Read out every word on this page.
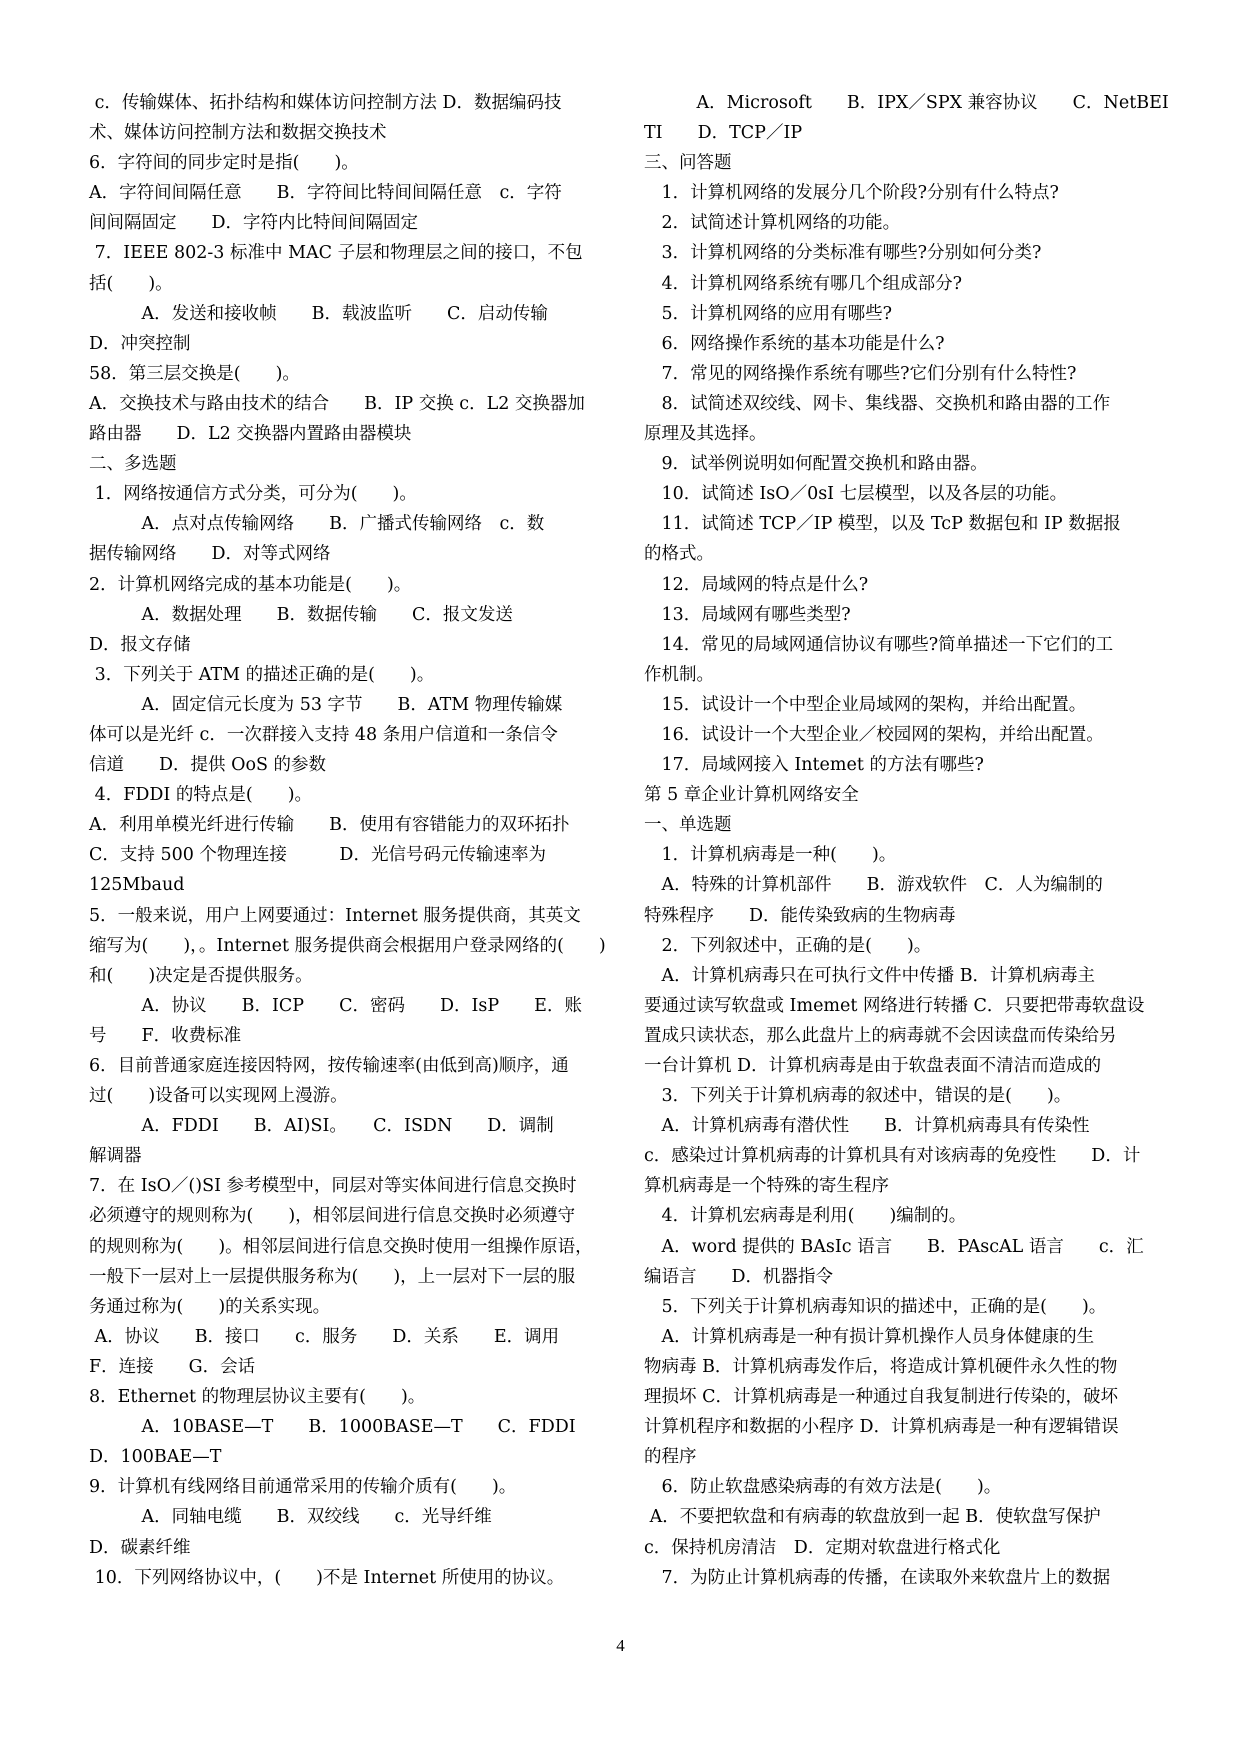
c．传输媒体、拓扑结构和媒体访问控制方法 D．数据编码技
术、媒体访问控制方法和数据交换技术
6．字符间的同步定时是指(　　)。
A．字符间间隔任意　　B．字符间比特间间隔任意　c．字符
间间隔固定　　D．字符内比特间间隔固定
7．IEEE 802-3 标准中 MAC 子层和物理层之间的接口，不包
括(　　)。
　　　A．发送和接收帧　　B．载波监听　　C．启动传输
D．冲突控制
58．第三层交换是(　　)。
A．交换技术与路由技术的结合　　B．IP 交换 c．L2 交换器加
路由器　　D．L2 交换器内置路由器模块
二、多选题
1．网络按通信方式分类，可分为(　　)。
　　　A．点对点传输网络　　B．广播式传输网络　c．数
据传输网络　　D．对等式网络
2．计算机网络完成的基本功能是(　　)。
　　　A．数据处理　　B．数据传输　　C．报文发送
D．报文存储
3．下列关于 ATM 的描述正确的是(　　)。
　　　A．固定信元长度为 53 字节　　B．ATM 物理传输媒
体可以是光纤 c．一次群接入支持 48 条用户信道和一条信令
信道　　D．提供 OoS 的参数
4．FDDI 的特点是(　　)。
A．利用单模光纤进行传输　　B．使用有容错能力的双环拓扑
C．支持 500 个物理连接　　　D．光信号码元传输速率为
125Mbaud
5．一般来说，用户上网要通过：Internet 服务提供商，其英文
缩写为(　　)，。Internet 服务提供商会根据用户登录网络的(　　)
和(　　)决定是否提供服务。
　　　A．协议　　B．ICP　　C．密码　　D．IsP　　E．账
号　　F．收费标准
6．目前普通家庭连接因特网，按传输速率(由低到高)顺序，通
过(　　)设备可以实现网上漫游。
　　　A．FDDI　　B．AI)SI。　　C．ISDN　　D．调制
解调器
7．在 IsO／()SI 参考模型中，同层对等实体间进行信息交换时
必须遵守的规则称为(　　)，相邻层间进行信息交换时必须遵守
的规则称为(　　)。相邻层间进行信息交换时使用一组操作原语，
一般下一层对上一层提供服务称为(　　)，上一层对下一层的服
务通过称为(　　)的关系实现。
A．协议　　B．接口　　c．服务　　D．关系　　E．调用
F．连接　　G．会话
8．Ethernet 的物理层协议主要有(　　)。
　　　A．10BASE—T　　B．1000BASE—T　　C．FDDI
D．100BAE—T
9．计算机有线网络目前通常采用的传输介质有(　　)。
　　　A．同轴电缆　　B．双绞线　　c．光导纤维
D．碳素纤维
10．下列网络协议中，(　　)不是 Internet 所使用的协议。
　　　A．Microsoft　　B．IPX／SPX 兼容协议　　C．NetBEI
TI　　D．TCP／IP
三、问答题
　1．计算机网络的发展分几个阶段?分别有什么特点?
　2．试简述计算机网络的功能。
　3．计算机网络的分类标准有哪些?分别如何分类?
　4．计算机网络系统有哪几个组成部分?
　5．计算机网络的应用有哪些?
　6．网络操作系统的基本功能是什么?
　7．常见的网络操作系统有哪些?它们分别有什么特性?
　8．试简述双绞线、网卡、集线器、交换机和路由器的工作
原理及其选择。
　9．试举例说明如何配置交换机和路由器。
　10．试简述 IsO／0sI 七层模型，以及各层的功能。
　11．试简述 TCP／IP 模型，以及 TcP 数据包和 IP 数据报
的格式。
　12．局域网的特点是什么?
　13．局域网有哪些类型?
　14．常见的局域网通信协议有哪些?简单描述一下它们的工
作机制。
　15．试设计一个中型企业局域网的架构，并给出配置。
　16．试设计一个大型企业／校园网的架构，并给出配置。
　17．局域网接入 Intemet 的方法有哪些?
第 5 章企业计算机网络安全
一、单选题
　1．计算机病毒是一种(　　)。
　A．特殊的计算机部件　　B．游戏软件　C．人为编制的
特殊程序　　D．能传染致病的生物病毒
　2．下列叙述中，正确的是(　　)。
　A．计算机病毒只在可执行文件中传播 B．计算机病毒主
要通过读写软盘或 Imemet 网络进行转播 C．只要把带毒软盘设
置成只读状态，那么此盘片上的病毒就不会因读盘而传染给另
一台计算机 D．计算机病毒是由于软盘表面不清洁而造成的
　3．下列关于计算机病毒的叙述中，错误的是(　　)。
　A．计算机病毒有潜伏性　　B．计算机病毒具有传染性
c．感染过计算机病毒的计算机具有对该病毒的免疫性　　D．计
算机病毒是一个特殊的寄生程序
　4．计算机宏病毒是利用(　　)编制的。
　A．word 提供的 BAsIc 语言　　B．PAscAL 语言　　c．汇
编语言　　D．机器指令
　5．下列关于计算机病毒知识的描述中，正确的是(　　)。
　A．计算机病毒是一种有损计算机操作人员身体健康的生
物病毒 B．计算机病毒发作后，将造成计算机硬件永久性的物
理损坏 C．计算机病毒是一种通过自我复制进行传染的，破坏
计算机程序和数据的小程序 D．计算机病毒是一种有逻辑错误
的程序
　6．防止软盘感染病毒的有效方法是(　　)。
A．不要把软盘和有病毒的软盘放到一起 B．使软盘写保护
c．保持机房清洁　D．定期对软盘进行格式化
　7．为防止计算机病毒的传播，在读取外来软盘片上的数据
4
